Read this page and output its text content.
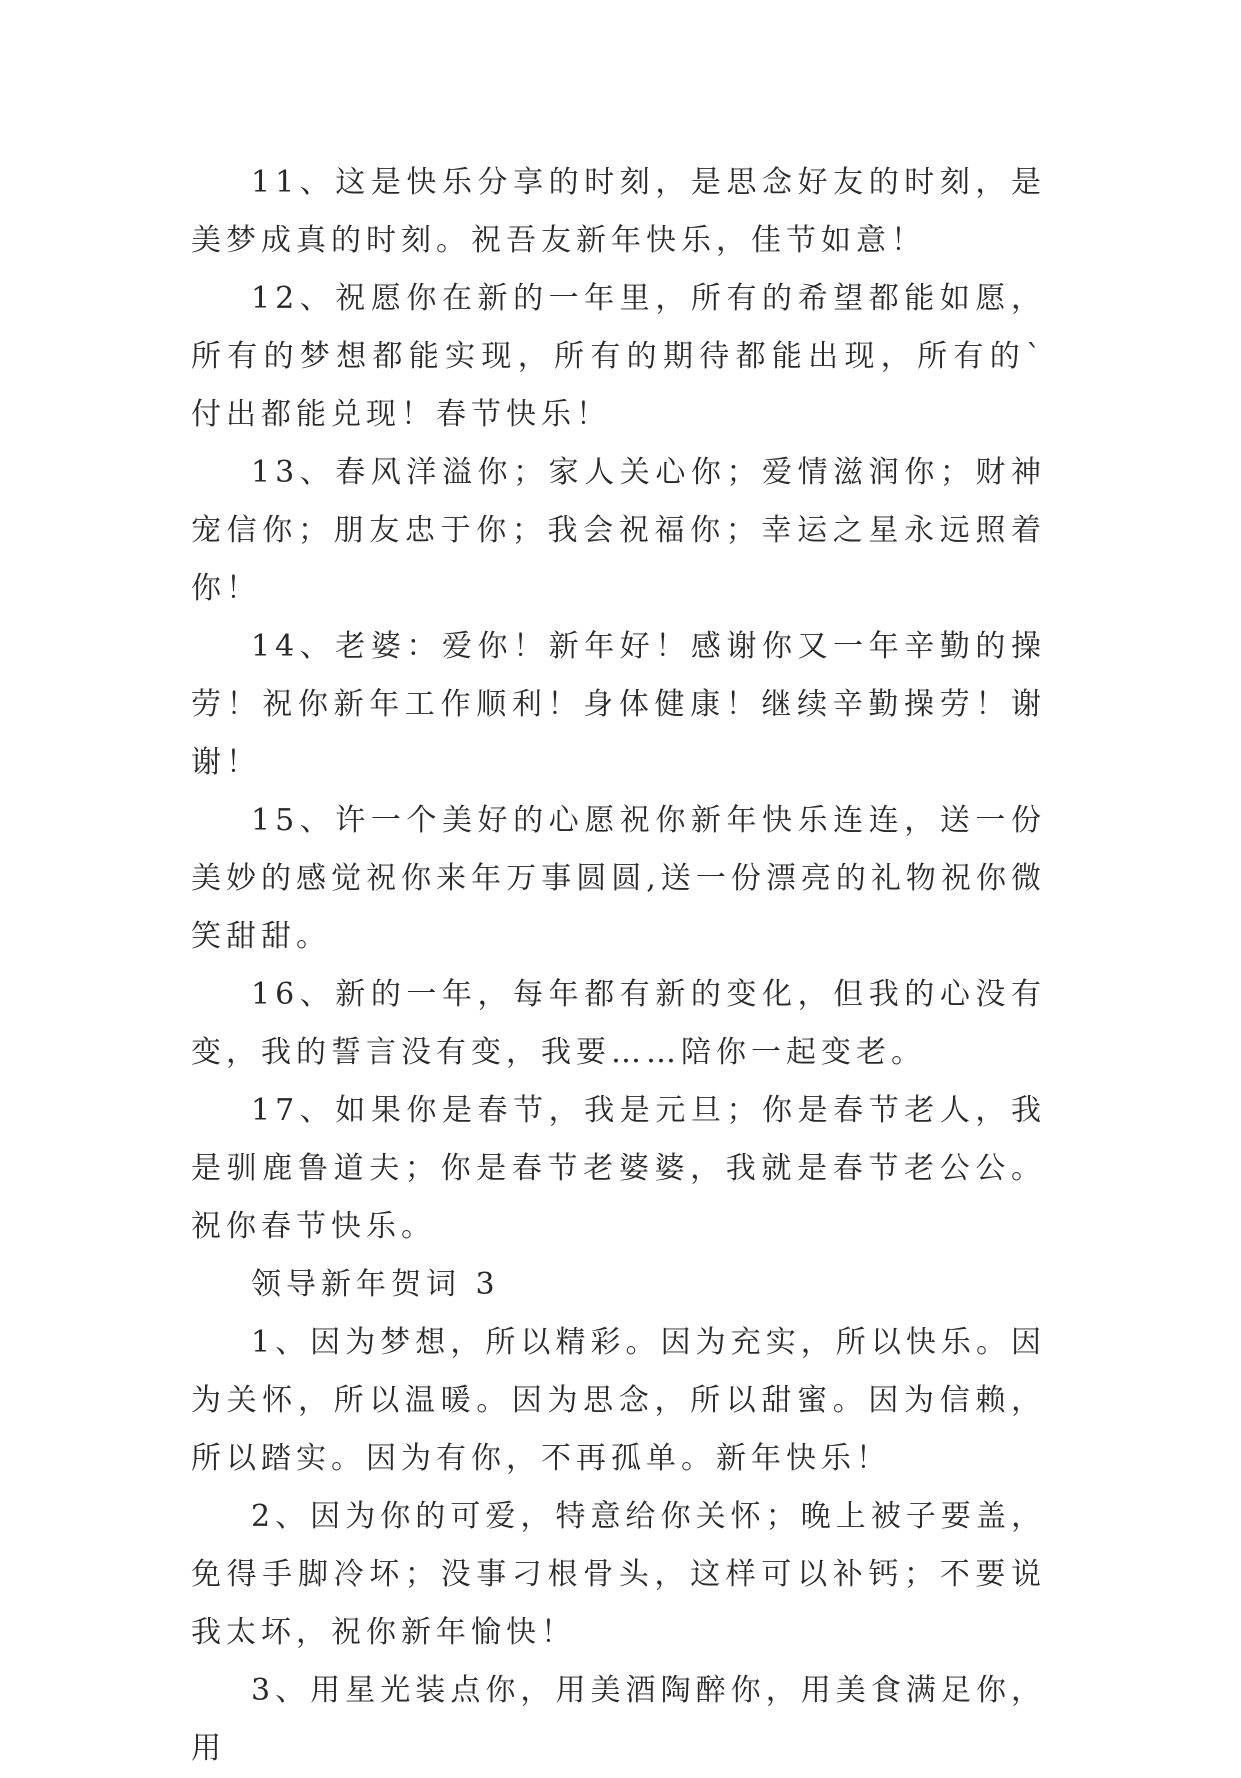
11、这是快乐分享的时刻，是思念好友的时刻，是美梦成真的时刻。祝吾友新年快乐，佳节如意！

12、祝愿你在新的一年里，所有的希望都能如愿，所有的梦想都能实现，所有的期待都能出现，所有的`付出都能兑现！春节快乐！

13、春风洋溢你；家人关心你；爱情滋润你；财神宠信你；朋友忠于你；我会祝福你；幸运之星永远照着你！

14、老婆：爱你！新年好！感谢你又一年辛勤的操劳！祝你新年工作顺利！身体健康！继续辛勤操劳！谢谢！

15、许一个美好的心愿祝你新年快乐连连，送一份美妙的感觉祝你来年万事圆圆,送一份漂亮的礼物祝你微笑甜甜。

16、新的一年，每年都有新的变化，但我的心没有变，我的誓言没有变，我要……陪你一起变老。

17、如果你是春节，我是元旦；你是春节老人，我是驯鹿鲁道夫；你是春节老婆婆，我就是春节老公公。祝你春节快乐。

领导新年贺词 3

1、因为梦想，所以精彩。因为充实，所以快乐。因为关怀，所以温暖。因为思念，所以甜蜜。因为信赖，所以踏实。因为有你，不再孤单。新年快乐！

2、因为你的可爱，特意给你关怀；晚上被子要盖，免得手脚冷坏；没事刁根骨头，这样可以补钙；不要说我太坏，祝你新年愉快！

3、用星光装点你，用美酒陶醉你，用美食满足你，用
